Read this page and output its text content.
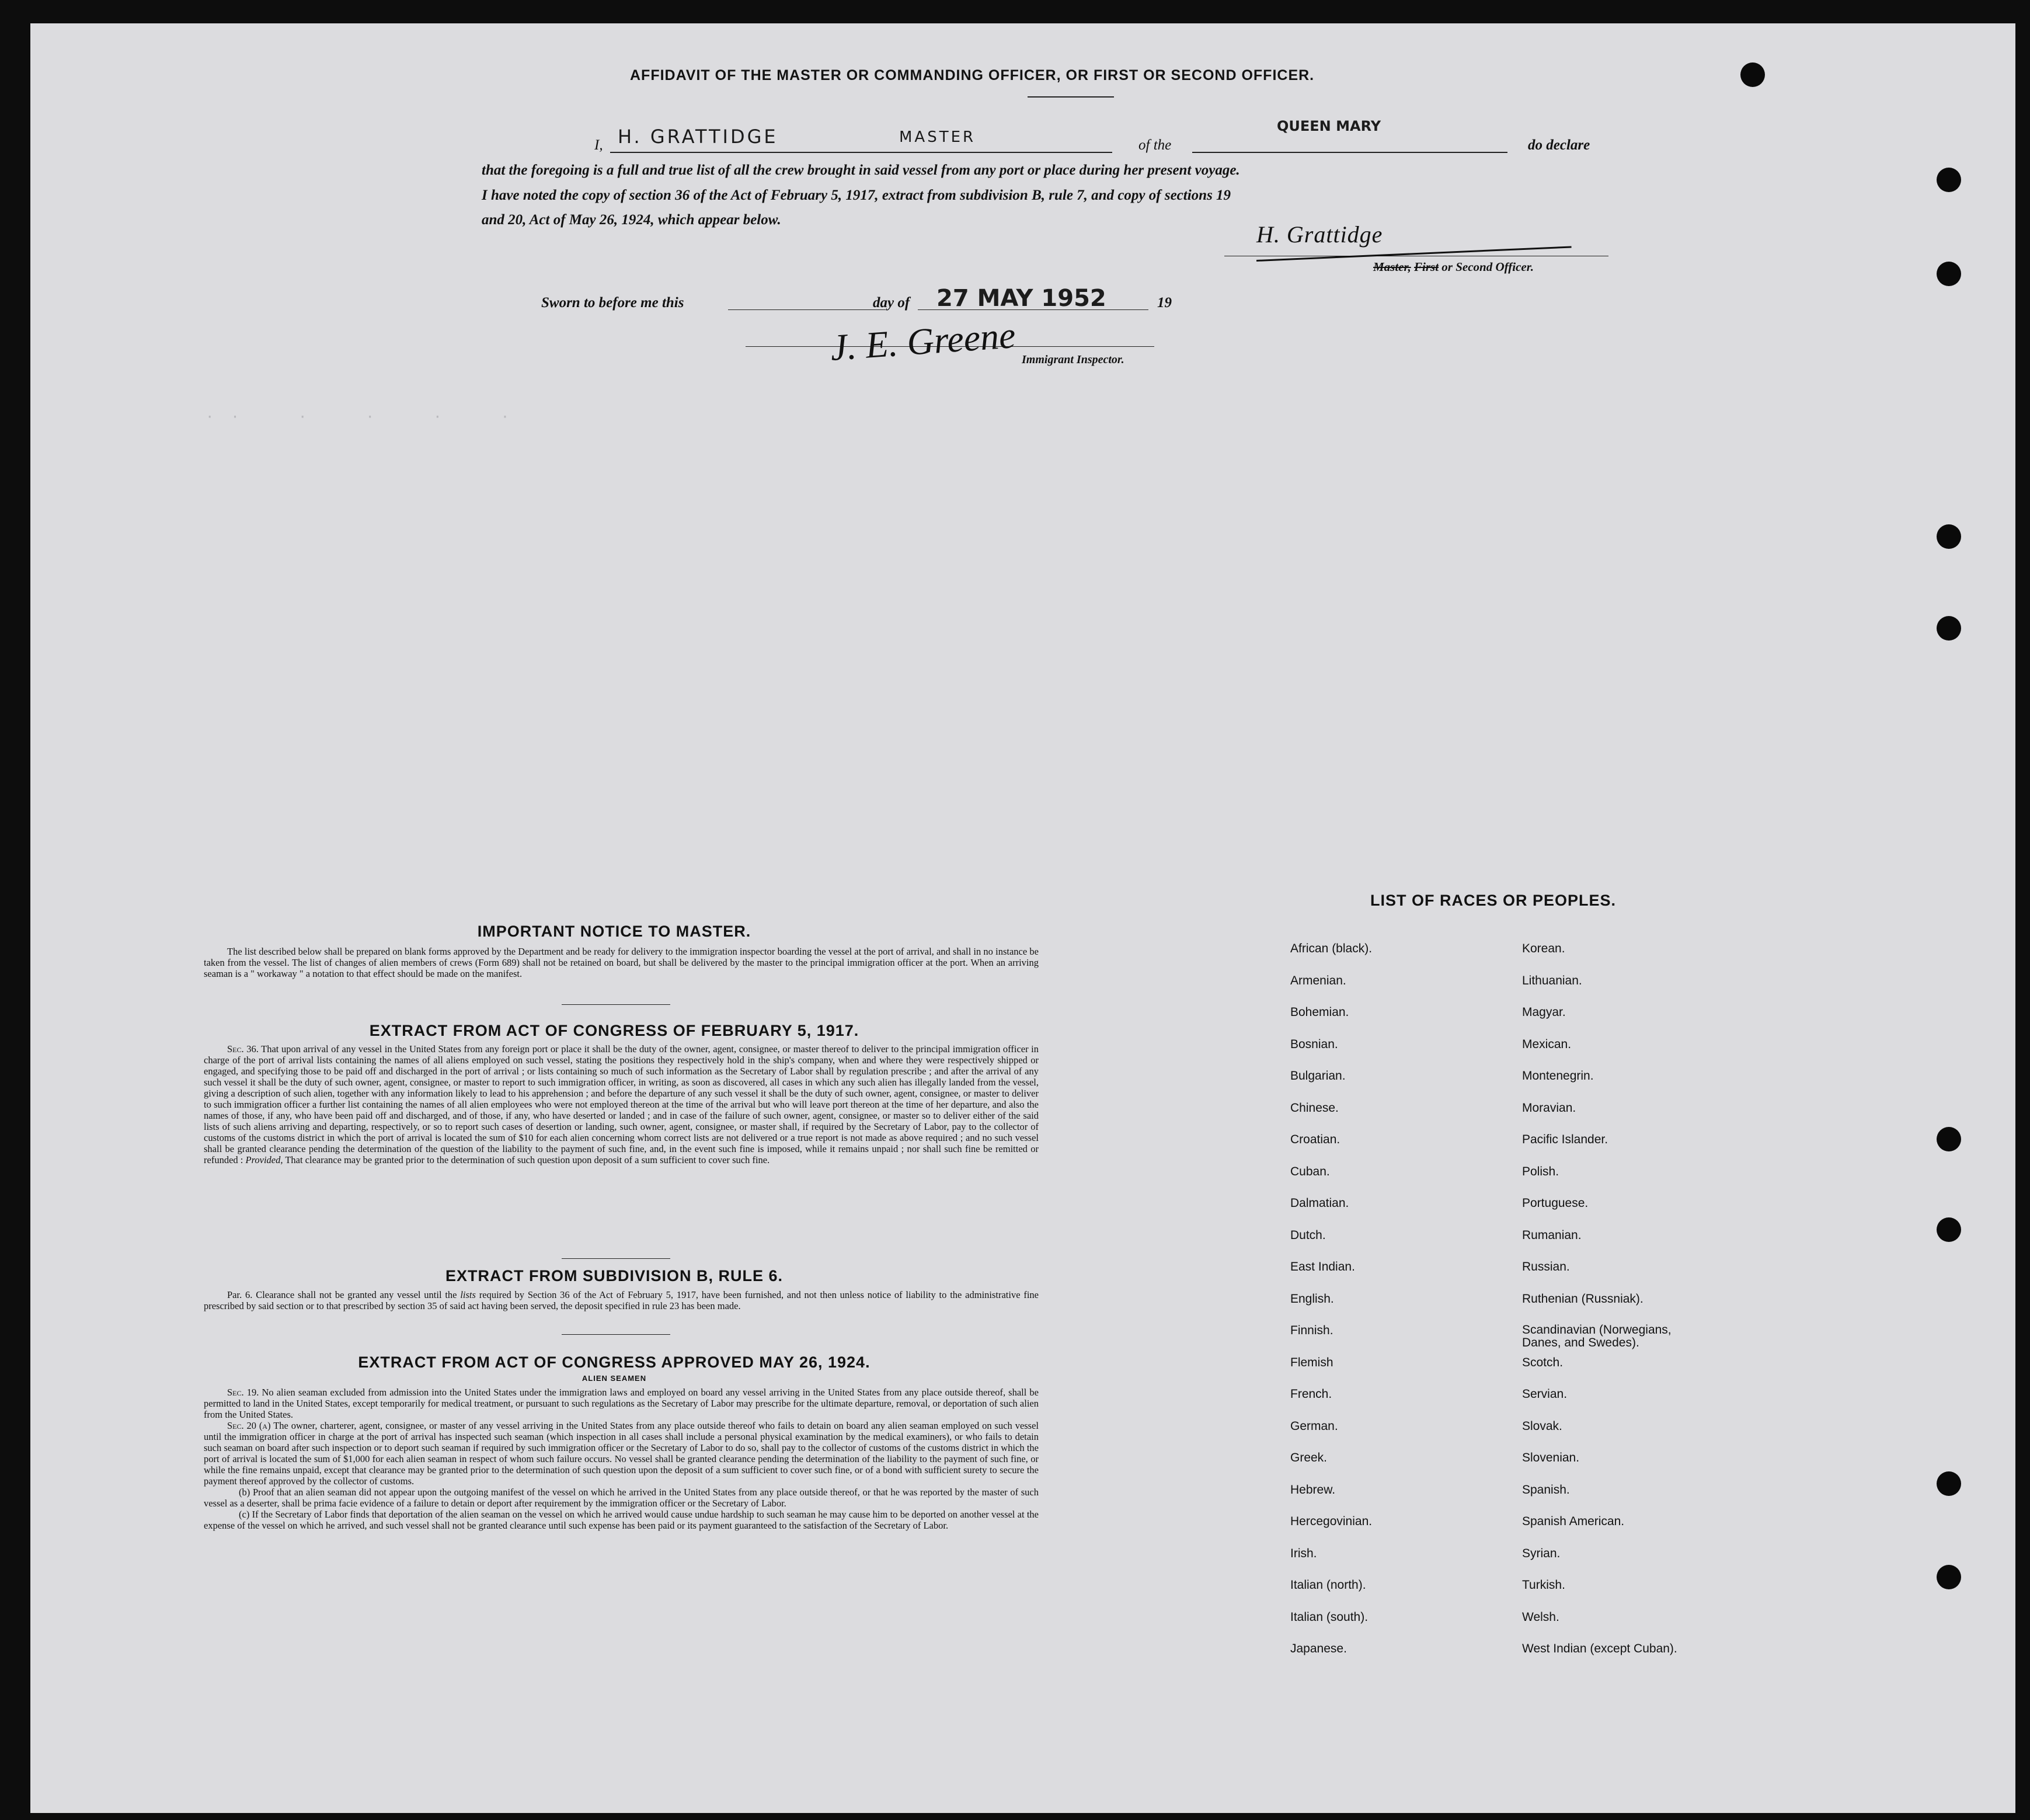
·  ·       ·       ·       ·       ·
AFFIDAVIT OF THE MASTER OR COMMANDING OFFICER, OR FIRST OR SECOND OFFICER.
I, H. GRATTIDGE	MASTER	of the
QUEEN MARY
do declare
that the foregoing is a full and true list of all the crew brought in said vessel from any port or place during her present voyage.
I have noted the copy of section 36 of the Act of February 5, 1917, extract from subdivision B, rule 7, and copy of sections 19
and 20, Act of May 26, 1924, which appear below.
H. Grattidge
Master, First or Second Officer.
Sworn to before me this	day of 27 MAY 1952	19
J. E. Greene Immigrant Inspector.
IMPORTANT NOTICE TO MASTER.
The list described below shall be prepared on blank forms approved by the Department and be ready for delivery to the immigration inspector boarding the vessel at the port of arrival, and shall in no instance be taken from the vessel. The list of changes of alien members of crews (Form 689) shall not be retained on board, but shall be delivered by the master to the principal immigration officer at the port. When an arriving seaman is a " workaway " a notation to that effect should be made on the manifest.
EXTRACT FROM ACT OF CONGRESS OF FEBRUARY 5, 1917.
Sec. 36. That upon arrival of any vessel in the United States from any foreign port or place it shall be the duty of the owner, agent, consignee, or master thereof to deliver to the principal immigration officer in charge of the port of arrival lists containing the names of all aliens employed on such vessel, stating the positions they respectively hold in the ship's company, when and where they were respectively shipped or engaged, and specifying those to be paid off and discharged in the port of arrival ; or lists containing so much of such information as the Secretary of Labor shall by regulation prescribe ; and after the arrival of any such vessel it shall be the duty of such owner, agent, consignee, or master to report to such immigration officer, in writing, as soon as discovered, all cases in which any such alien has illegally landed from the vessel, giving a description of such alien, together with any information likely to lead to his apprehension ; and before the departure of any such vessel it shall be the duty of such owner, agent, consignee, or master to deliver to such immigration officer a further list containing the names of all alien employees who were not employed thereon at the time of the arrival but who will leave port thereon at the time of her departure, and also the names of those, if any, who have been paid off and discharged, and of those, if any, who have deserted or landed ; and in case of the failure of such owner, agent, consignee, or master so to deliver either of the said lists of such aliens arriving and departing, respectively, or so to report such cases of desertion or landing, such owner, agent, consignee, or master shall, if required by the Secretary of Labor, pay to the collector of customs of the customs district in which the port of arrival is located the sum of $10 for each alien concerning whom correct lists are not delivered or a true report is not made as above required ; and no such vessel shall be granted clearance pending the determination of the question of the liability to the payment of such fine, and, in the event such fine is imposed, while it remains unpaid ; nor shall such fine be remitted or refunded : Provided, That clearance may be granted prior to the determination of such question upon deposit of a sum sufficient to cover such fine.
EXTRACT FROM SUBDIVISION B, RULE 6.
Par. 6. Clearance shall not be granted any vessel until the lists required by Section 36 of the Act of February 5, 1917, have been furnished, and not then unless notice of liability to the administrative fine prescribed by said section or to that prescribed by section 35 of said act having been served, the deposit specified in rule 23 has been made.
EXTRACT FROM ACT OF CONGRESS APPROVED MAY 26, 1924.
ALIEN SEAMEN
Sec. 19. No alien seaman excluded from admission into the United States under the immigration laws and employed on board any vessel arriving in the United States from any place outside thereof, shall be permitted to land in the United States, except temporarily for medical treatment, or pursuant to such regulations as the Secretary of Labor may prescribe for the ultimate departure, removal, or deportation of such alien from the United States.
Sec. 20 (a) The owner, charterer, agent, consignee, or master of any vessel arriving in the United States from any place outside thereof who fails to detain on board any alien seaman employed on such vessel until the immigration officer in charge at the port of arrival has inspected such seaman (which inspection in all cases shall include a personal physical examination by the medical examiners), or who fails to detain such seaman on board after such inspection or to deport such seaman if required by such immigration officer or the Secretary of Labor to do so, shall pay to the collector of customs of the customs district in which the port of arrival is located the sum of $1,000 for each alien seaman in respect of whom such failure occurs. No vessel shall be granted clearance pending the determination of the liability to the payment of such fine, or while the fine remains unpaid, except that clearance may be granted prior to the determination of such question upon the deposit of a sum sufficient to cover such fine, or of a bond with sufficient surety to secure the payment thereof approved by the collector of customs.
(b) Proof that an alien seaman did not appear upon the outgoing manifest of the vessel on which he arrived in the United States from any place outside thereof, or that he was reported by the master of such vessel as a deserter, shall be prima facie evidence of a failure to detain or deport after requirement by the immigration officer or the Secretary of Labor.
(c) If the Secretary of Labor finds that deportation of the alien seaman on the vessel on which he arrived would cause undue hardship to such seaman he may cause him to be deported on another vessel at the expense of the vessel on which he arrived, and such vessel shall not be granted clearance until such expense has been paid or its payment guaranteed to the satisfaction of the Secretary of Labor.
LIST OF RACES OR PEOPLES.
African (black).
Armenian.
Bohemian.
Bosnian.
Bulgarian.
Chinese.
Croatian.
Cuban.
Dalmatian.
Dutch.
East Indian.
English.
Finnish.
Flemish
French.
German.
Greek.
Hebrew.
Hercegovinian.
Irish.
Italian (north).
Italian (south).
Japanese.
Korean.
Lithuanian.
Magyar.
Mexican.
Montenegrin.
Moravian.
Pacific Islander.
Polish.
Portuguese.
Rumanian.
Russian.
Ruthenian (Russniak).
Scandinavian (Norwegians, Danes, and Swedes).
Scotch.
Servian.
Slovak.
Slovenian.
Spanish.
Spanish American.
Syrian.
Turkish.
Welsh.
West Indian (except Cuban).
